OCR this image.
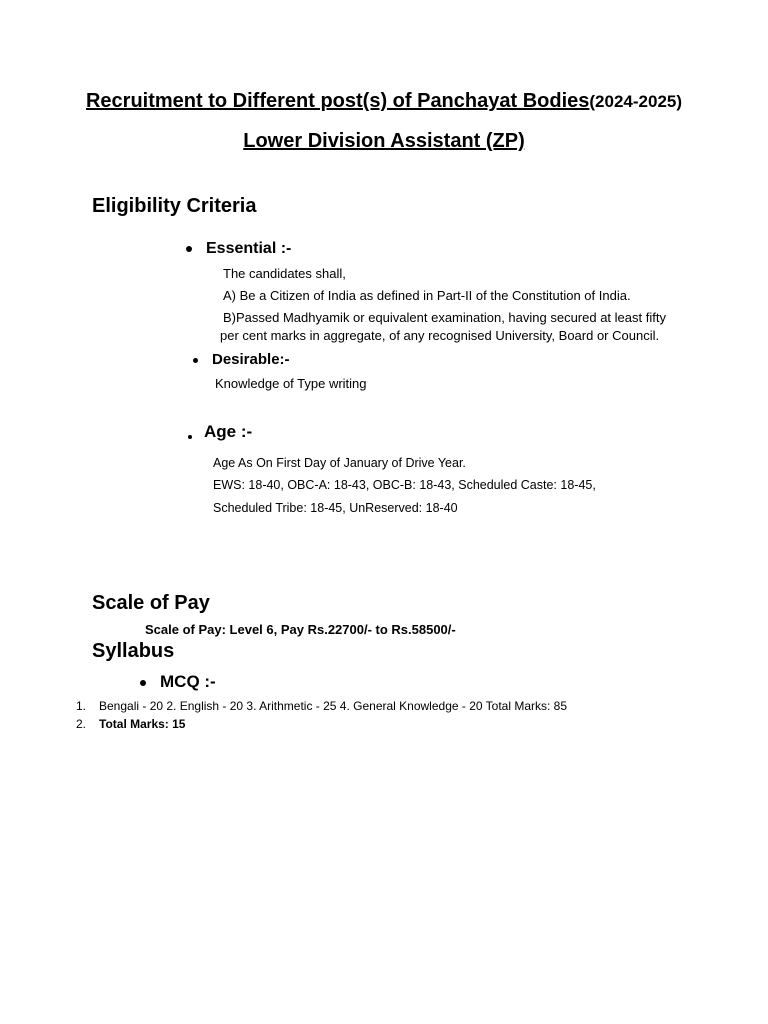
Recruitment to Different post(s) of Panchayat Bodies(2024-2025)
Lower Division Assistant (ZP)
Eligibility Criteria
Essential :-
The candidates shall,
A) Be a Citizen of India as defined in Part-II of the Constitution of India.
B)Passed Madhyamik or equivalent examination, having secured at least fifty
per cent marks in aggregate, of any recognised University, Board or Council.
Desirable:-
Knowledge of Type writing
Age :-
Age As On First Day of January of Drive Year.
EWS: 18-40, OBC-A: 18-43, OBC-B: 18-43, Scheduled Caste: 18-45,
Scheduled Tribe: 18-45, UnReserved: 18-40
Scale of Pay
Scale of Pay: Level 6, Pay Rs.22700/- to Rs.58500/-
Syllabus
MCQ :-
1. Bengali - 20 2. English - 20 3. Arithmetic - 25 4. General Knowledge - 20 Total Marks: 85
2. Total Marks: 15
